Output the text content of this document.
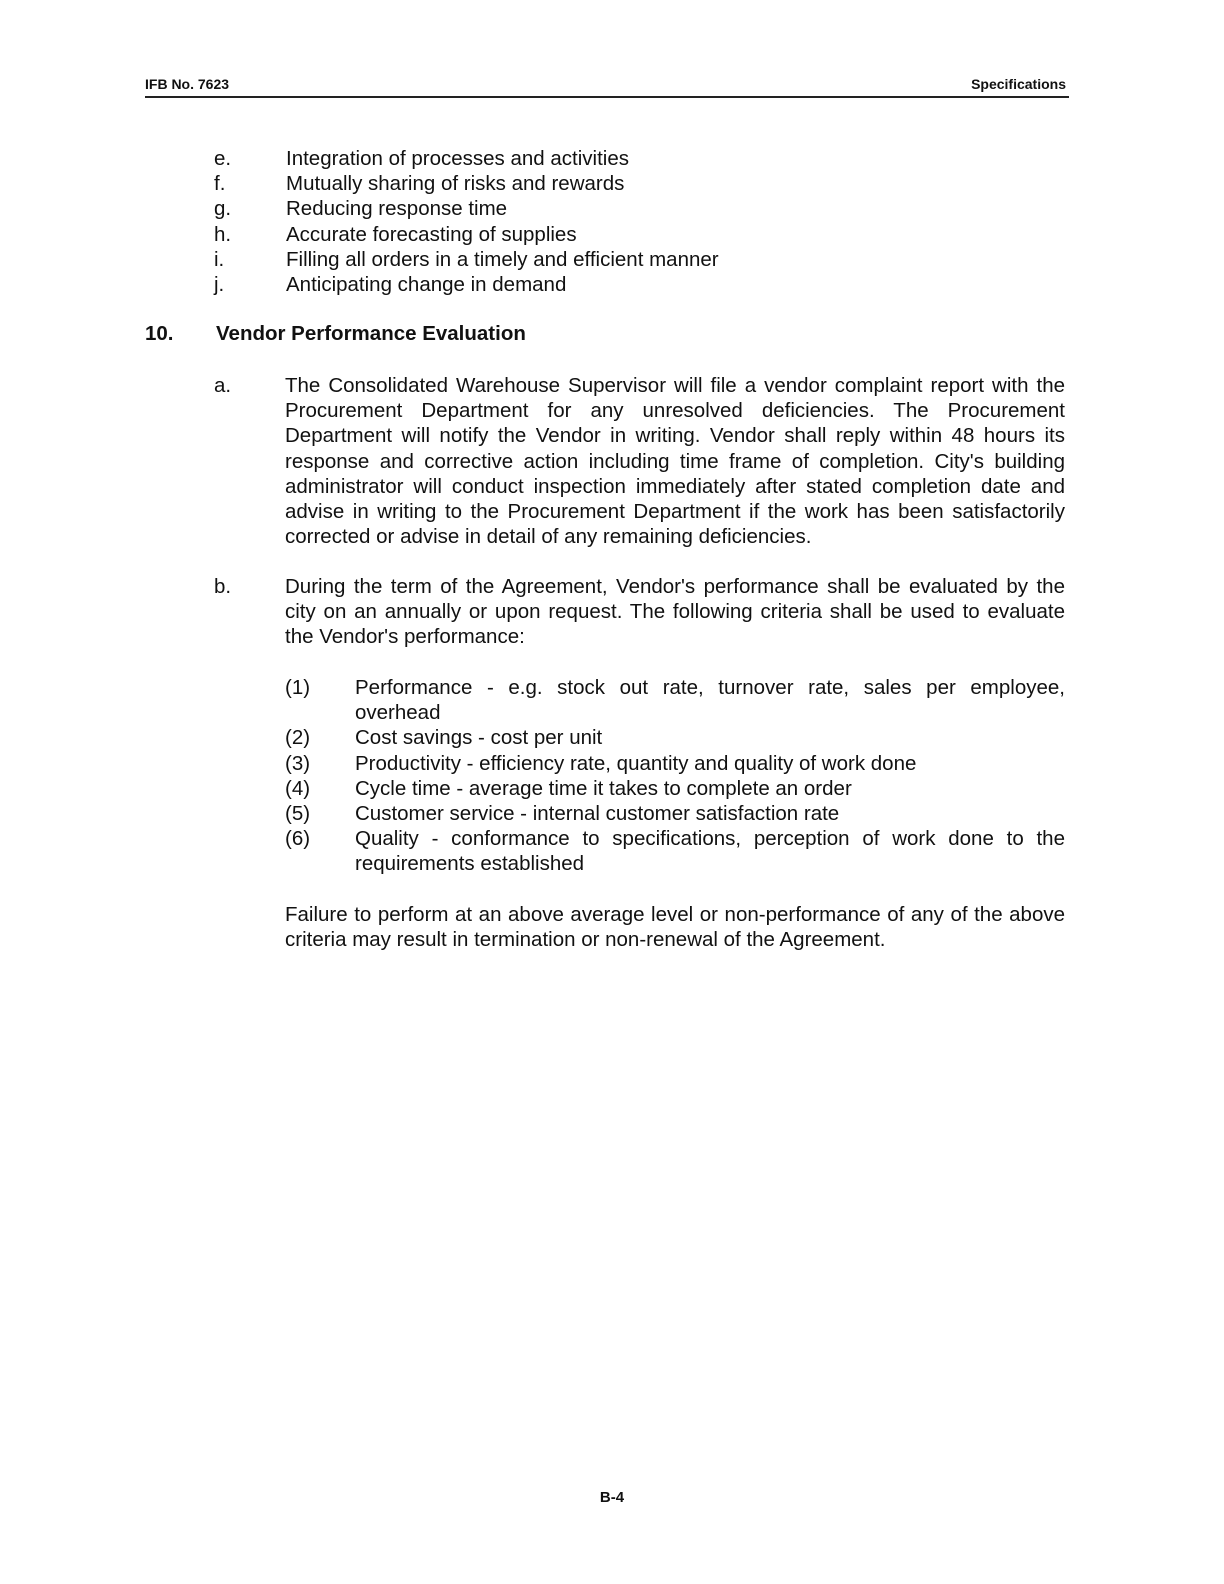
IFB No. 7623	Specifications
e.	Integration of processes and activities
f.	Mutually sharing of risks and rewards
g.	Reducing response time
h.	Accurate forecasting of supplies
i.	Filling all orders in a timely and efficient manner
j.	Anticipating change in demand
10. Vendor Performance Evaluation
a.	The Consolidated Warehouse Supervisor will file a vendor complaint report with the Procurement Department for any unresolved deficiencies. The Procurement Department will notify the Vendor in writing. Vendor shall reply within 48 hours its response and corrective action including time frame of completion. City's building administrator will conduct inspection immediately after stated completion date and advise in writing to the Procurement Department if the work has been satisfactorily corrected or advise in detail of any remaining deficiencies.
b.	During the term of the Agreement, Vendor's performance shall be evaluated by the city on an annually or upon request. The following criteria shall be used to evaluate the Vendor's performance:
(1) Performance - e.g. stock out rate, turnover rate, sales per employee, overhead
(2) Cost savings - cost per unit
(3) Productivity - efficiency rate, quantity and quality of work done
(4) Cycle time - average time it takes to complete an order
(5) Customer service - internal customer satisfaction rate
(6) Quality - conformance to specifications, perception of work done to the requirements established
Failure to perform at an above average level or non-performance of any of the above criteria may result in termination or non-renewal of the Agreement.
B-4
